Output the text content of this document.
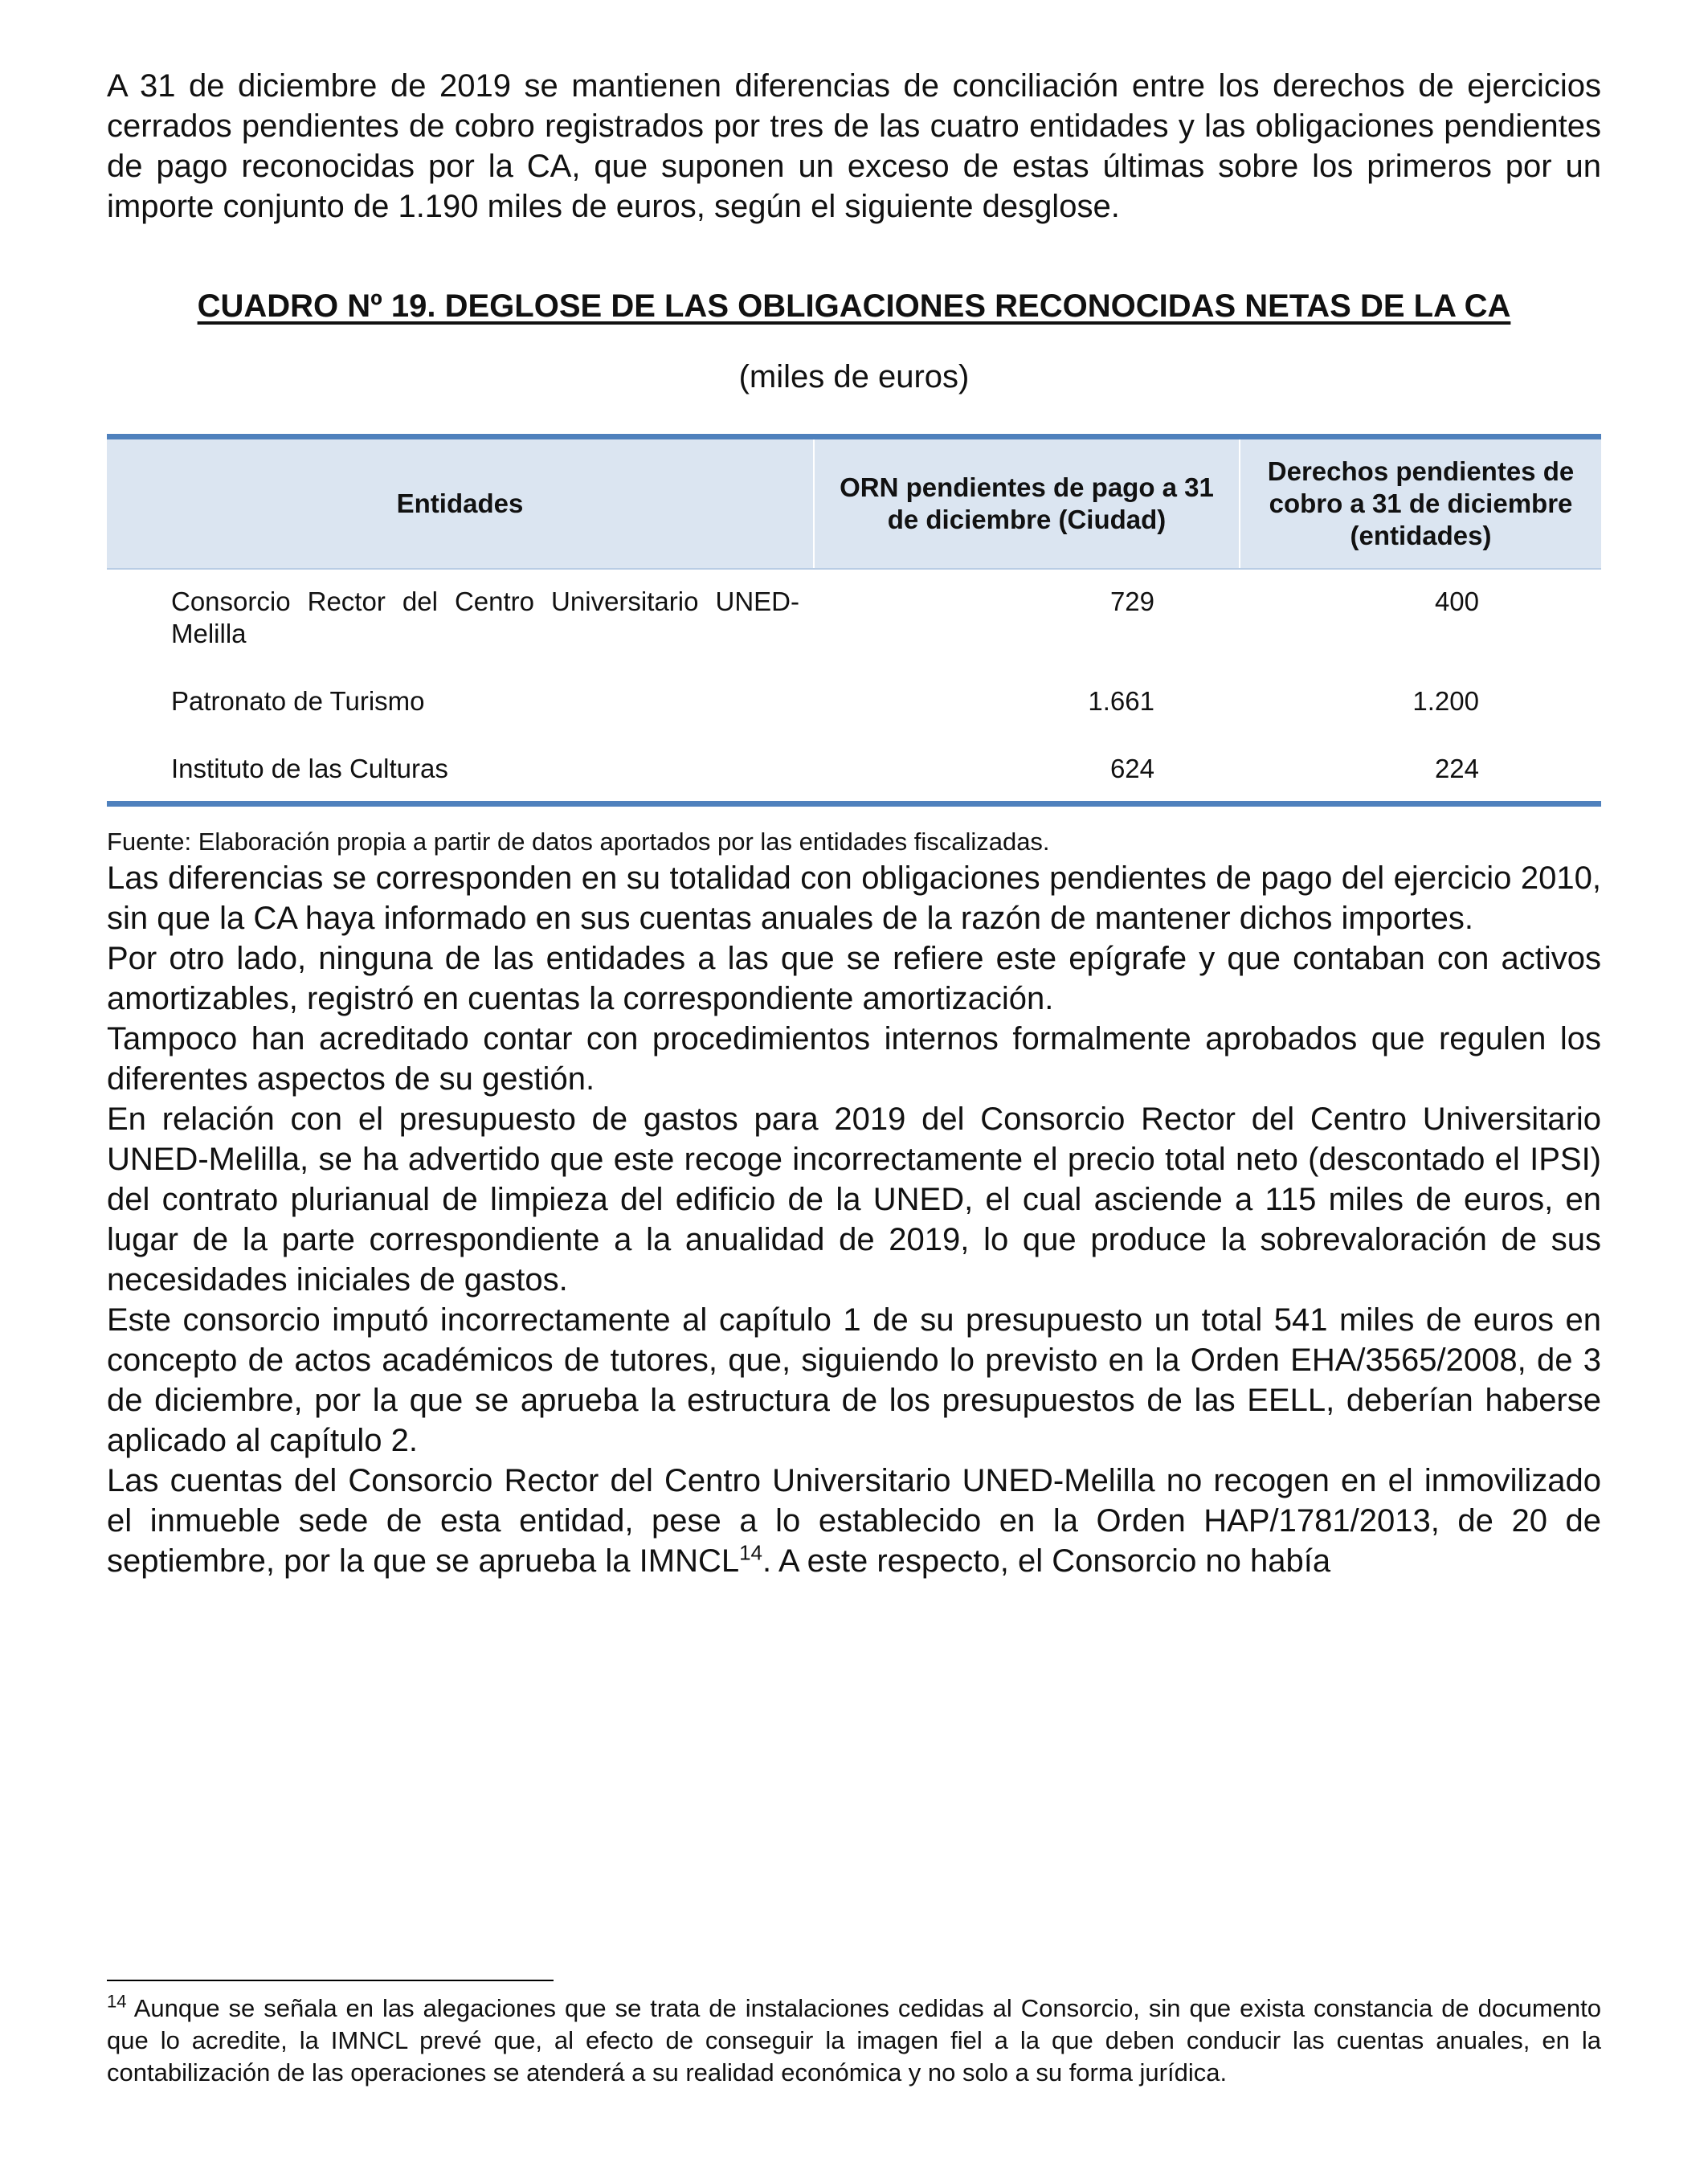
A 31 de diciembre de 2019 se mantienen diferencias de conciliación entre los derechos de ejercicios cerrados pendientes de cobro registrados por tres de las cuatro entidades y las obligaciones pendientes de pago reconocidas por la CA, que suponen un exceso de estas últimas sobre los primeros por un importe conjunto de 1.190 miles de euros, según el siguiente desglose.

CUADRO Nº 19. DEGLOSE DE LAS OBLIGACIONES RECONOCIDAS NETAS DE LA CA

(miles de euros)

Entidades	ORN pendientes de pago a 31 de diciembre (Ciudad)	Derechos pendientes de cobro a 31 de diciembre (entidades)
Consorcio Rector del Centro Universitario UNED-Melilla	729	400
Patronato de Turismo	1.661	1.200
Instituto de las Culturas	624	224

Fuente: Elaboración propia a partir de datos aportados por las entidades fiscalizadas.

Las diferencias se corresponden en su totalidad con obligaciones pendientes de pago del ejercicio 2010, sin que la CA haya informado en sus cuentas anuales de la razón de mantener dichos importes.

Por otro lado, ninguna de las entidades a las que se refiere este epígrafe y que contaban con activos amortizables, registró en cuentas la correspondiente amortización.

Tampoco han acreditado contar con procedimientos internos formalmente aprobados que regulen los diferentes aspectos de su gestión.

En relación con el presupuesto de gastos para 2019 del Consorcio Rector del Centro Universitario UNED-Melilla, se ha advertido que este recoge incorrectamente el precio total neto (descontado el IPSI) del contrato plurianual de limpieza del edificio de la UNED, el cual asciende a 115 miles de euros, en lugar de la parte correspondiente a la anualidad de 2019, lo que produce la sobrevaloración de sus necesidades iniciales de gastos.

Este consorcio imputó incorrectamente al capítulo 1 de su presupuesto un total 541 miles de euros en concepto de actos académicos de tutores, que, siguiendo lo previsto en la Orden EHA/3565/2008, de 3 de diciembre, por la que se aprueba la estructura de los presupuestos de las EELL, deberían haberse aplicado al capítulo 2.

Las cuentas del Consorcio Rector del Centro Universitario UNED-Melilla no recogen en el inmovilizado el inmueble sede de esta entidad, pese a lo establecido en la Orden HAP/1781/2013, de 20 de septiembre, por la que se aprueba la IMNCL$^{14}$. A este respecto, el Consorcio no había

$^{14}$ Aunque se señala en las alegaciones que se trata de instalaciones cedidas al Consorcio, sin que exista constancia de documento que lo acredite, la IMNCL prevé que, al efecto de conseguir la imagen fiel a la que deben conducir las cuentas anuales, en la contabilización de las operaciones se atenderá a su realidad económica y no solo a su forma jurídica.
